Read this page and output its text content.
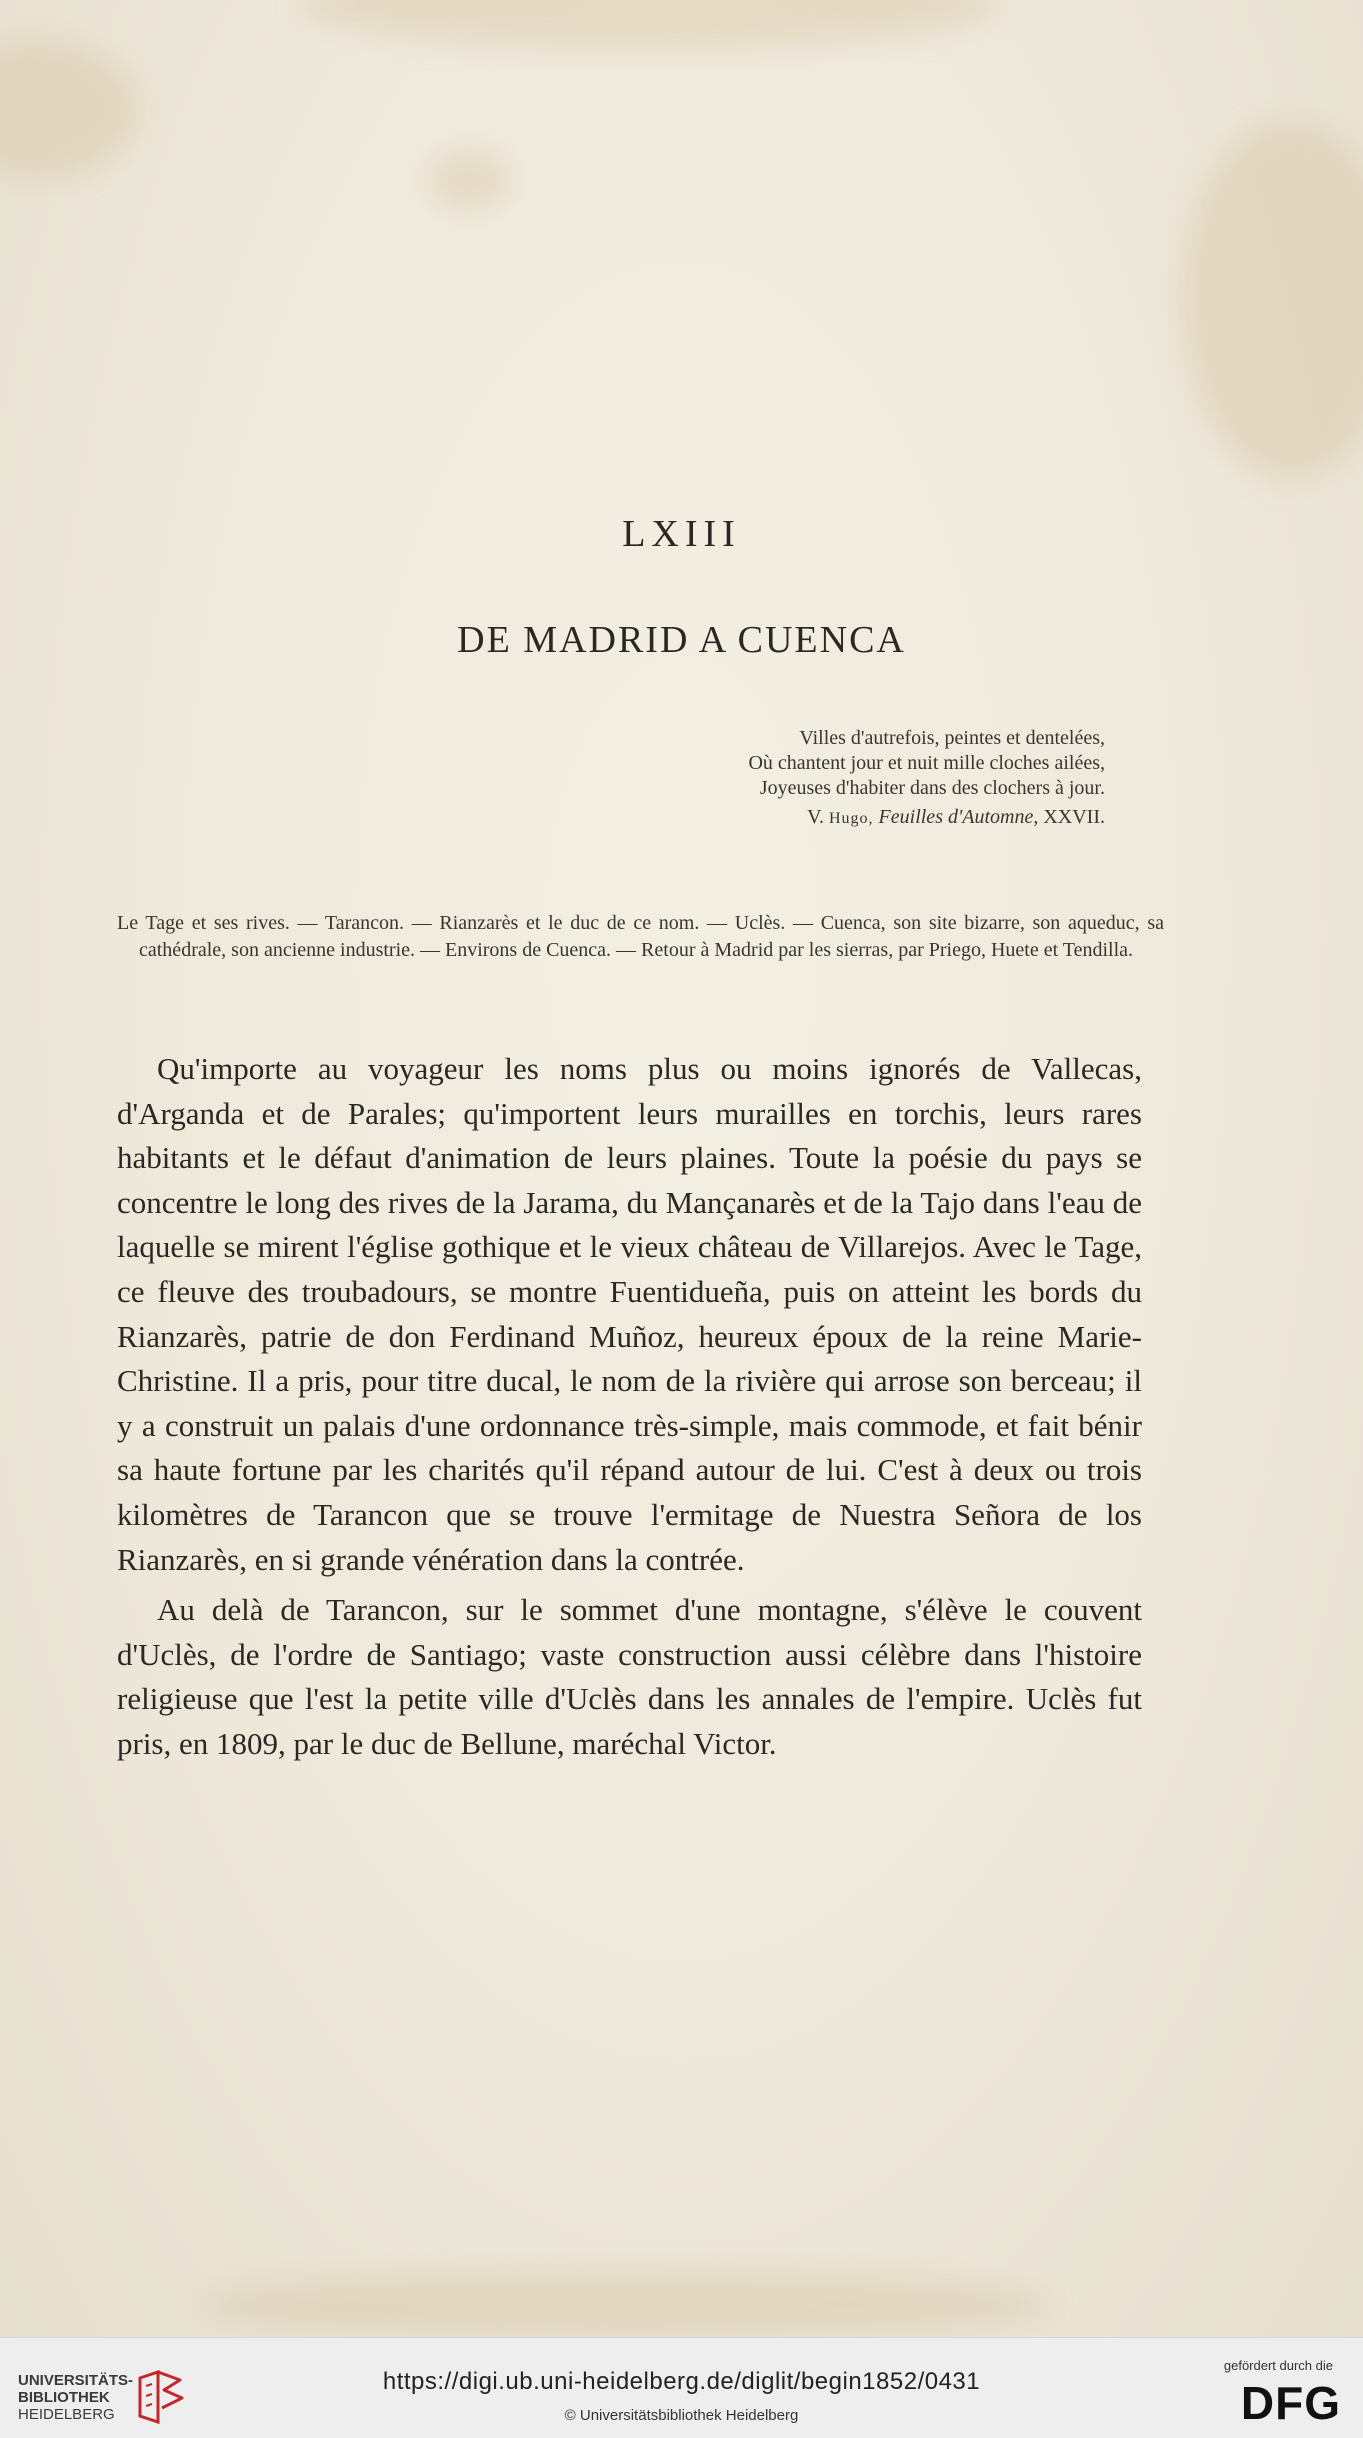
LXIII
DE MADRID A CUENCA
Villes d'autrefois, peintes et dentelées,
Où chantent jour et nuit mille cloches ailées,
Joyeuses d'habiter dans des clochers à jour.
V. Hugo, Feuilles d'Automne, XXVII.
Le Tage et ses rives. — Tarancon. — Rianzarès et le duc de ce nom. — Uclès. — Cuenca, son site bizarre, son aqueduc, sa cathédrale, son ancienne industrie. — Environs de Cuenca. — Retour à Madrid par les sierras, par Priego, Huete et Tendilla.

Qu'importe au voyageur les noms plus ou moins ignorés de Vallecas, d'Arganda et de Parales; qu'importent leurs murailles en torchis, leurs rares habitants et le défaut d'animation de leurs plaines. Toute la poésie du pays se concentre le long des rives de la Jarama, du Mançanarès et de la Tajo dans l'eau de laquelle se mirent l'église gothique et le vieux château de Villarejos. Avec le Tage, ce fleuve des troubadours, se montre Fuentidueña, puis on atteint les bords du Rianzarès, patrie de don Ferdinand Muñoz, heureux époux de la reine Marie-Christine. Il a pris, pour titre ducal, le nom de la rivière qui arrose son berceau; il y a construit un palais d'une ordonnance très-simple, mais commode, et fait bénir sa haute fortune par les charités qu'il répand autour de lui. C'est à deux ou trois kilomètres de Tarancon que se trouve l'ermitage de Nuestra Señora de los Rianzarès, en si grande vénération dans la contrée.

Au delà de Tarancon, sur le sommet d'une montagne, s'élève le couvent d'Uclès, de l'ordre de Santiago; vaste construction aussi célèbre dans l'histoire religieuse que l'est la petite ville d'Uclès dans les annales de l'empire. Uclès fut pris, en 1809, par le duc de Bellune, maréchal Victor.

UNIVERSITÄTS-
BIBLIOTHEK
HEIDELBERG
https://digi.ub.uni-heidelberg.de/diglit/begin1852/0431
© Universitätsbibliothek Heidelberg
gefördert durch die
DFG
